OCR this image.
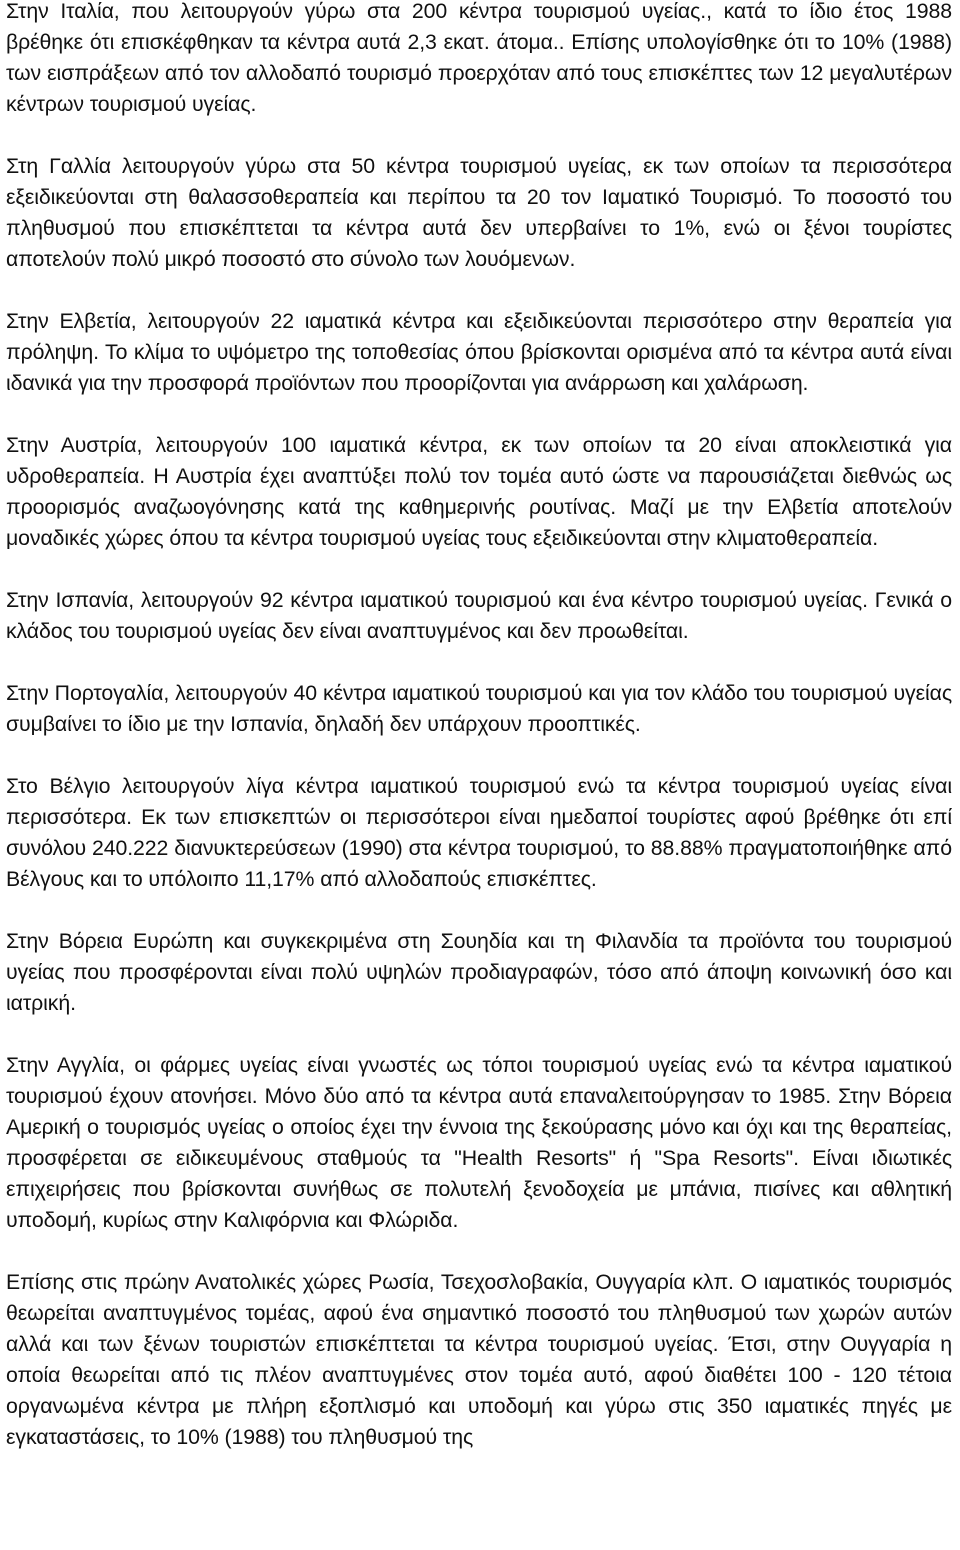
Στην Ιταλία, που λειτουργούν γύρω στα 200 κέντρα τουρισμού υγείας., κατά το ίδιο έτος 1988 βρέθηκε ότι επισκέφθηκαν τα κέντρα αυτά 2,3 εκατ. άτομα.. Επίσης υπολογίσθηκε ότι το 10% (1988) των εισπράξεων από τον αλλοδαπό τουρισμό προερχόταν από τους επισκέπτες των 12 μεγαλυτέρων κέντρων τουρισμού υγείας.

Στη Γαλλία λειτουργούν γύρω στα 50 κέντρα τουρισμού υγείας, εκ των οποίων τα περισσότερα εξειδικεύονται στη θαλασσοθεραπεία και περίπου τα 20 τον Ιαματικό Τουρισμό. Το ποσοστό του πληθυσμού που επισκέπτεται τα κέντρα αυτά δεν υπερβαίνει το 1%, ενώ οι ξένοι τουρίστες αποτελούν πολύ μικρό ποσοστό στο σύνολο των λουόμενων.

Στην Ελβετία, λειτουργούν 22 ιαματικά κέντρα και εξειδικεύονται περισσότερο στην θεραπεία για πρόληψη. Το κλίμα το υψόμετρο της τοποθεσίας όπου βρίσκονται ορισμένα από τα κέντρα αυτά είναι ιδανικά για την προσφορά προϊόντων που προορίζονται για ανάρρωση και χαλάρωση.

Στην Αυστρία, λειτουργούν 100 ιαματικά κέντρα, εκ των οποίων τα 20 είναι αποκλειστικά για υδροθεραπεία. Η Αυστρία έχει αναπτύξει πολύ τον τομέα αυτό ώστε να παρουσιάζεται διεθνώς ως προορισμός αναζωογόνησης κατά της καθημερινής ρουτίνας. Μαζί με την Ελβετία αποτελούν μοναδικές χώρες όπου τα κέντρα τουρισμού υγείας τους εξειδικεύονται στην κλιματοθεραπεία.

Στην Ισπανία, λειτουργούν 92 κέντρα ιαματικού τουρισμού και ένα κέντρο τουρισμού υγείας. Γενικά ο κλάδος του τουρισμού υγείας δεν είναι αναπτυγμένος και δεν προωθείται.

Στην Πορτογαλία, λειτουργούν 40 κέντρα ιαματικού τουρισμού και για τον κλάδο του τουρισμού υγείας συμβαίνει το ίδιο με την Ισπανία, δηλαδή δεν υπάρχουν προοπτικές.

Στο Βέλγιο λειτουργούν λίγα κέντρα ιαματικού τουρισμού ενώ τα κέντρα τουρισμού υγείας είναι περισσότερα. Εκ των επισκεπτών οι περισσότεροι είναι ημεδαποί τουρίστες αφού βρέθηκε ότι επί συνόλου 240.222 διανυκτερεύσεων (1990) στα κέντρα τουρισμού, το 88.88% πραγματοποιήθηκε από Βέλγους και το υπόλοιπο 11,17% από αλλοδαπούς επισκέπτες.

Στην Βόρεια Ευρώπη και συγκεκριμένα στη Σουηδία και τη Φιλανδία τα προϊόντα του τουρισμού υγείας που προσφέρονται είναι πολύ υψηλών προδιαγραφών, τόσο από άποψη κοινωνική όσο και ιατρική.

Στην Αγγλία, οι φάρμες υγείας είναι γνωστές ως τόποι τουρισμού υγείας ενώ τα κέντρα ιαματικού τουρισμού έχουν ατονήσει. Μόνο δύο από τα κέντρα αυτά επαναλειτούργησαν το 1985. Στην Βόρεια Αμερική ο τουρισμός υγείας ο οποίος έχει την έννοια της ξεκούρασης μόνο και όχι και της θεραπείας, προσφέρεται σε ειδικευμένους σταθμούς τα "Health Resorts" ή "Spa Resorts". Είναι ιδιωτικές επιχειρήσεις που βρίσκονται συνήθως σε πολυτελή ξενοδοχεία με μπάνια, πισίνες και αθλητική υποδομή, κυρίως στην Καλιφόρνια και Φλώριδα.

Επίσης στις πρώην Ανατολικές χώρες Ρωσία, Τσεχοσλοβακία, Ουγγαρία κλπ. Ο ιαματικός τουρισμός θεωρείται αναπτυγμένος τομέας, αφού ένα σημαντικό ποσοστό του πληθυσμού των χωρών αυτών αλλά και των ξένων τουριστών επισκέπτεται τα κέντρα τουρισμού υγείας. Έτσι, στην Ουγγαρία η οποία θεωρείται από τις πλέον αναπτυγμένες στον τομέα αυτό, αφού διαθέτει 100 - 120 τέτοια οργανωμένα κέντρα με πλήρη εξοπλισμό και υποδομή και γύρω στις 350 ιαματικές πηγές με εγκαταστάσεις, το 10% (1988) του πληθυσμού της
